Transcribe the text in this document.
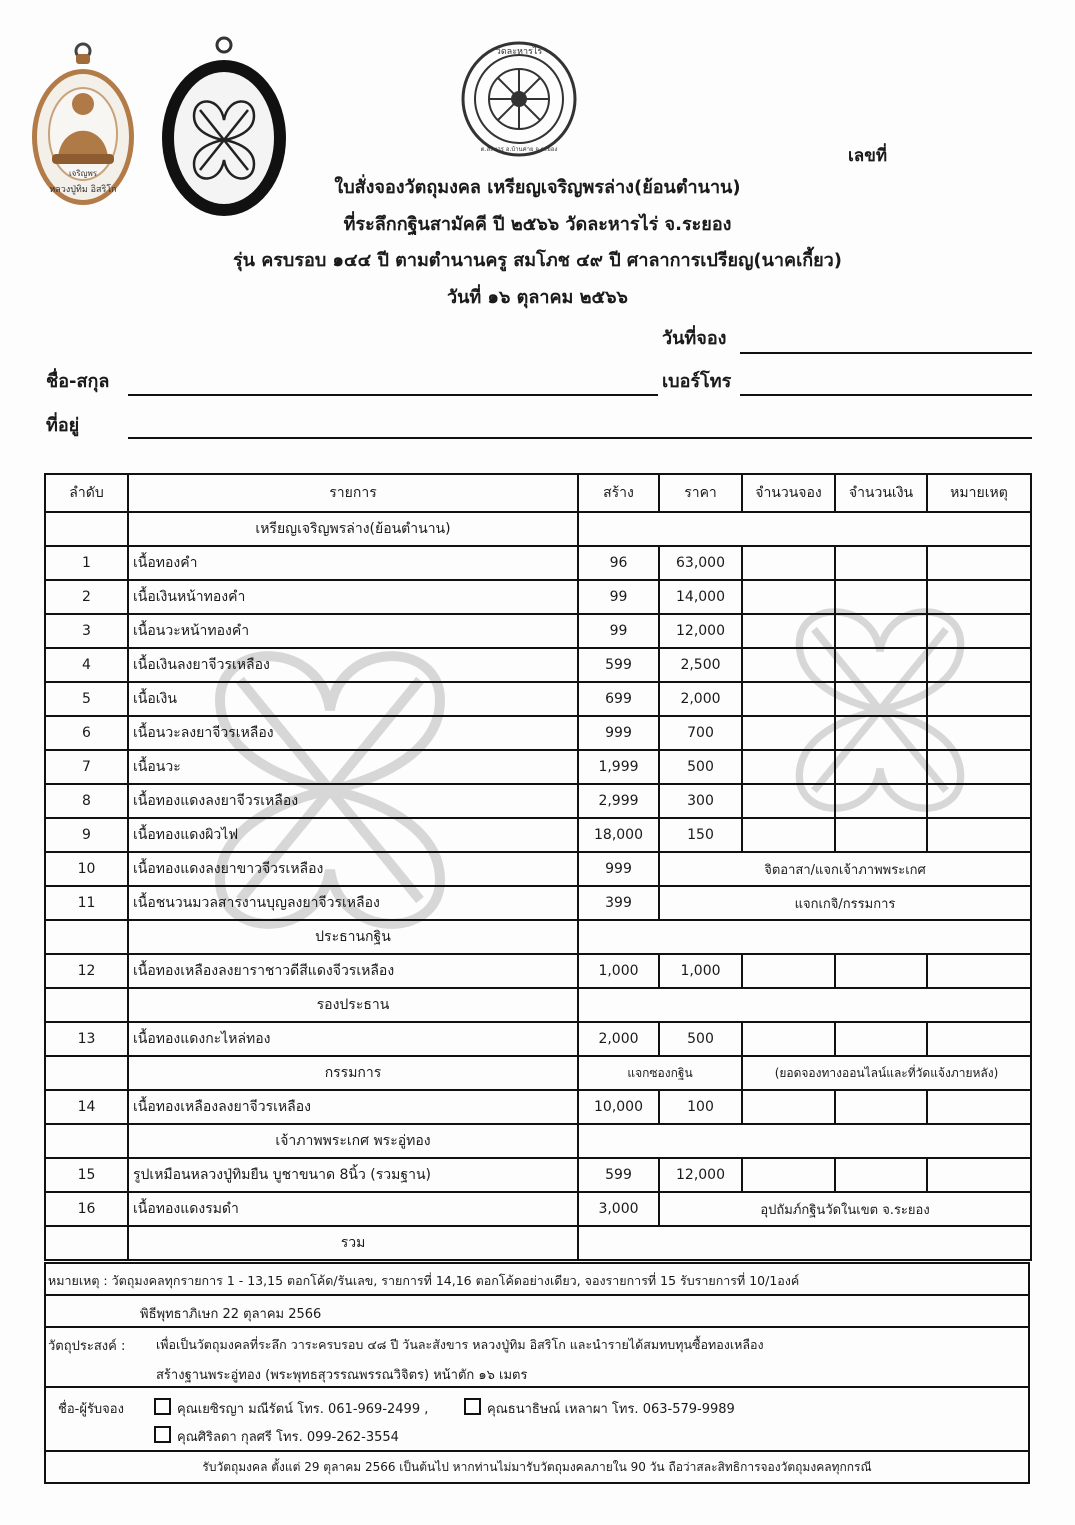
เจริญพร
หลวงปู่ทิม อิสริโก
วัดละหารไร่
ต.ละหาร อ.บ้านค่าย จ.ระยอง	เลขที่
ใบสั่งจองวัตถุมงคล เหรียญเจริญพรล่าง(ย้อนตำนาน)
ที่ระลึกกฐินสามัคคี ปี ๒๕๖๖ วัดละหารไร่ จ.ระยอง
รุ่น ครบรอบ ๑๔๔ ปี ตามตำนานครู สมโภช ๔๙ ปี ศาลาการเปรียญ(นาคเกี้ยว)
วันที่ ๑๖ ตุลาคม ๒๕๖๖
วันที่จอง
ชื่อ-สกุล	เบอร์โทร
ที่อยู่
ลำดับ	รายการ	สร้าง	ราคา	จำนวนจอง	จำนวนเงิน	หมายเหตุ
	เหรียญเจริญพรล่าง(ย้อนตำนาน)					
1	เนื้อทองคำ	96	63,000			
2	เนื้อเงินหน้าทองคำ	99	14,000			
3	เนื้อนวะหน้าทองคำ	99	12,000			
4	เนื้อเงินลงยาจีวรเหลือง	599	2,500			
5	เนื้อเงิน	699	2,000			
6	เนื้อนวะลงยาจีวรเหลือง	999	700			
7	เนื้อนวะ	1,999	500			
8	เนื้อทองแดงลงยาจีวรเหลือง	2,999	300			
9	เนื้อทองแดงผิวไฟ	18,000	150			
10	เนื้อทองแดงลงยาขาวจีวรเหลือง	999	จิตอาสา/แจกเจ้าภาพพระเกศ			
11	เนื้อชนวนมวลสารงานบุญลงยาจีวรเหลือง	399	แจกเกจิ/กรรมการ			
	ประธานกฐิน					
12	เนื้อทองเหลืองลงยาราชาวดีสีแดงจีวรเหลือง	1,000	1,000			
	รองประธาน					
13	เนื้อทองแดงกะไหล่ทอง	2,000	500			
	กรรมการ	แจกซองกฐิน		(ยอดจองทางออนไลน์และที่วัดแจ้งภายหลัง)		
14	เนื้อทองเหลืองลงยาจีวรเหลือง	10,000	100			
	เจ้าภาพพระเกศ พระอู่ทอง					
15	รูปเหมือนหลวงปู่ทิมยืน บูชาขนาด 8นิ้ว (รวมฐาน)	599	12,000			
16	เนื้อทองแดงรมดำ	3,000	อุปถัมภ์กฐินวัดในเขต จ.ระยอง			
	รวม					
หมายเหตุ : วัตถุมงคลทุกรายการ 1 - 13,15 ตอกโค้ด/รันเลข, รายการที่ 14,16 ตอกโค้ดอย่างเดียว, จองรายการที่ 15 รับรายการที่ 10/1องค์
พิธีพุทธาภิเษก 22 ตุลาคม 2566
วัตถุประสงค์ : เพื่อเป็นวัตถุมงคลที่ระลึก วาระครบรอบ ๔๘ ปี วันละสังขาร หลวงปู่ทิม อิสริโก และนำรายได้สมทบทุนซื้อทองเหลือง
สร้างฐานพระอู่ทอง (พระพุทธสุวรรณพรรณวิจิตร) หน้าตัก ๑๖ เมตร
ชื่อ-ผู้รับจอง	คุณเยซิรญา มณีรัตน์ โทร. 061-969-2499 ,	คุณธนาธิษณ์ เหลาผา โทร. 063-579-9989
คุณศิริลดา กุลศรี โทร. 099-262-3554
รับวัตถุมงคล ตั้งแต่ 29 ตุลาคม 2566 เป็นต้นไป หากท่านไม่มารับวัตถุมงคลภายใน 90 วัน ถือว่าสละสิทธิการจองวัตถุมงคลทุกกรณี
